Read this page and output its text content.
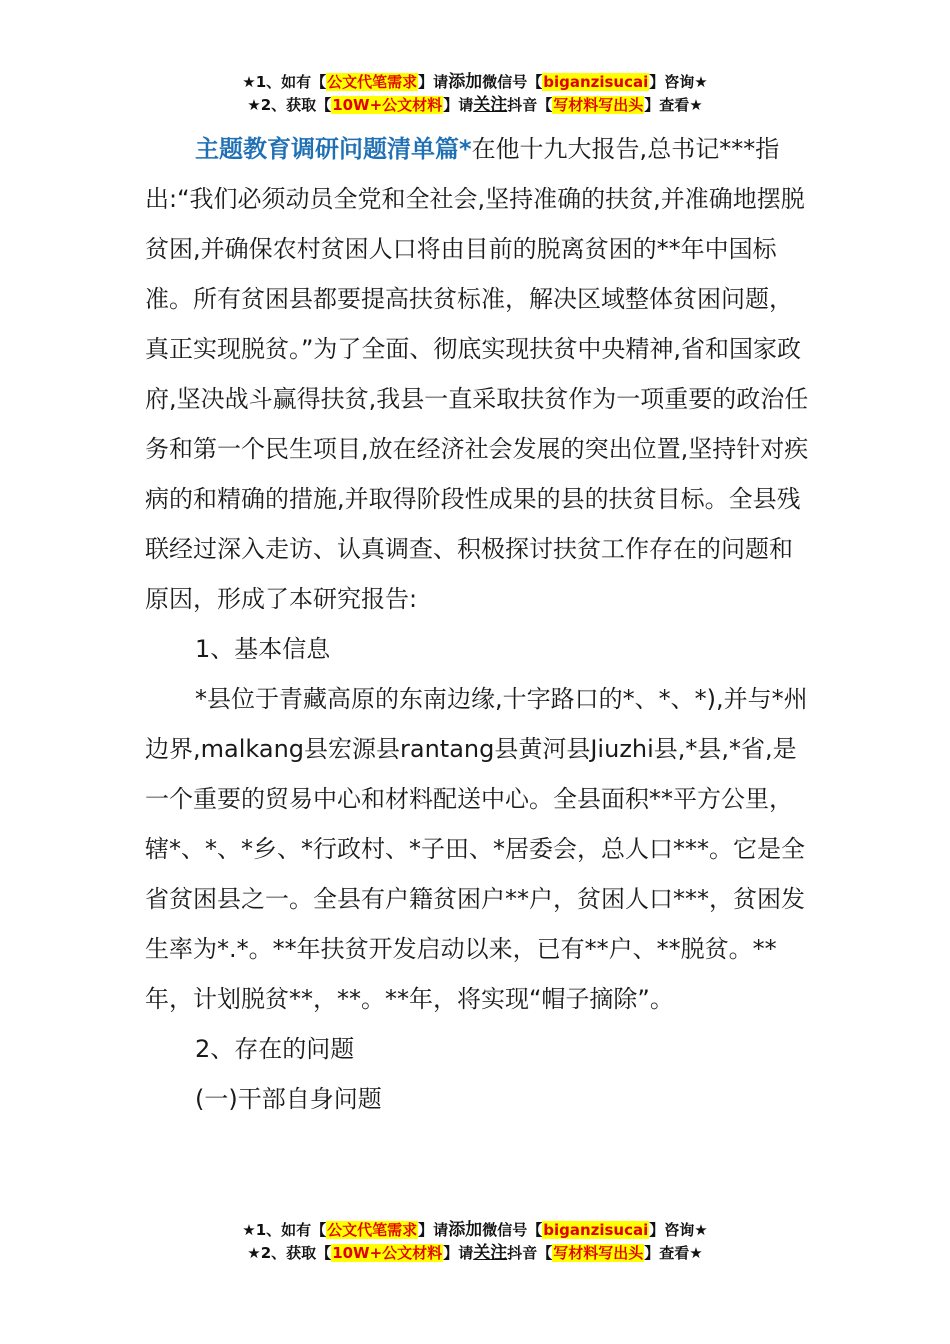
★1、如有【公文代笔需求】请添加微信号【biganzisucai】咨询★
★2、获取【10W+公文材料】请关注抖音【写材料写出头】查看★

主题教育调研问题清单篇*在他十九大报告,总书记***指出:“我们必须动员全党和全社会,坚持准确的扶贫,并准确地摆脱贫困,并确保农村贫困人口将由目前的脱离贫困的**年中国标准。所有贫困县都要提高扶贫标准，解决区域整体贫困问题，真正实现脱贫。”为了全面、彻底实现扶贫中央精神,省和国家政府,坚决战斗赢得扶贫,我县一直采取扶贫作为一项重要的政治任务和第一个民生项目,放在经济社会发展的突出位置,坚持针对疾病的和精确的措施,并取得阶段性成果的县的扶贫目标。全县残联经过深入走访、认真调查、积极探讨扶贫工作存在的问题和原因，形成了本研究报告:

1、基本信息

*县位于青藏高原的东南边缘,十字路口的*、*、*),并与*州边界,malkang县宏源县rantang县黄河县Jiuzhi县,*县,*省,是一个重要的贸易中心和材料配送中心。全县面积**平方公里，辖*、*、*乡、*行政村、*子田、*居委会，总人口***。它是全省贫困县之一。全县有户籍贫困户**户，贫困人口***，贫困发生率为*.*。**年扶贫开发启动以来，已有**户、**脱贫。**年，计划脱贫**，**。**年，将实现“帽子摘除”。

2、存在的问题

(一)干部自身问题

★1、如有【公文代笔需求】请添加微信号【biganzisucai】咨询★
★2、获取【10W+公文材料】请关注抖音【写材料写出头】查看★
